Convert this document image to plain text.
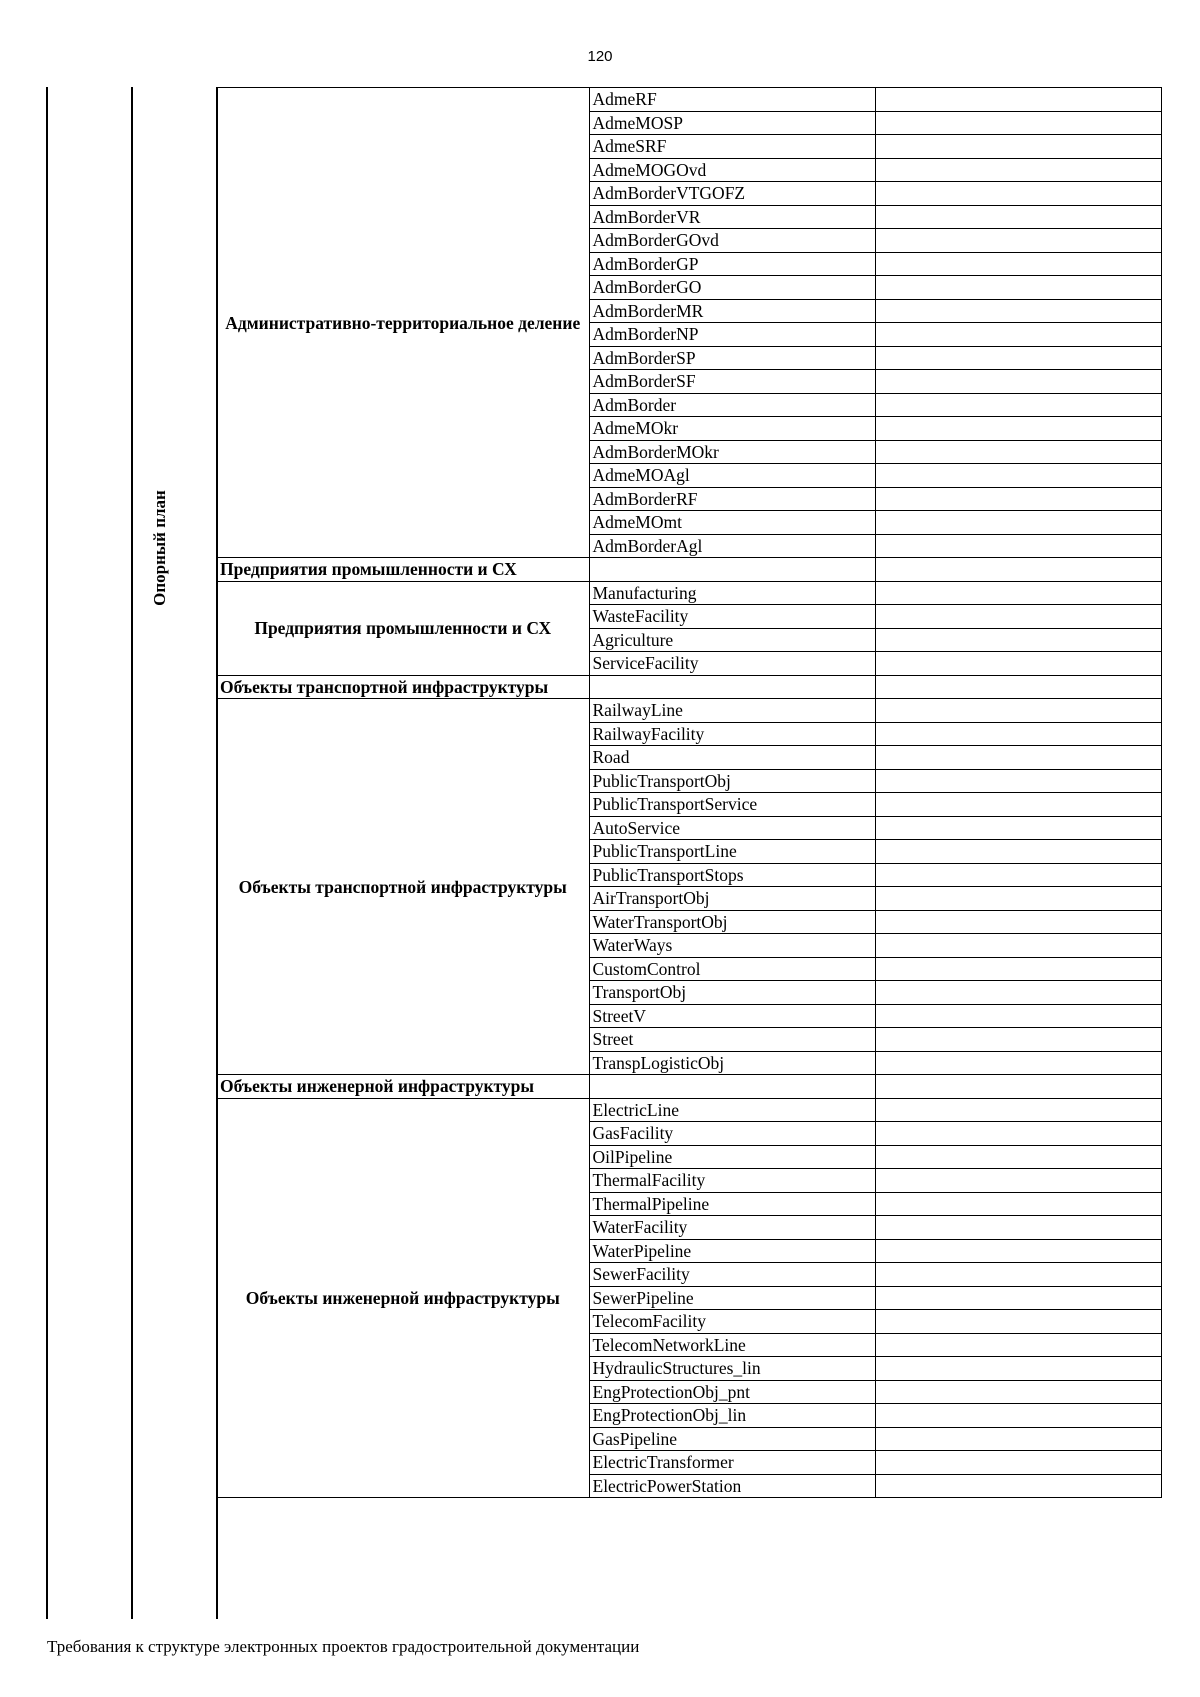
120
Опорный план
Административно-территориальное деление	AdmeRF	
	AdmeMOSP	
	AdmeSRF	
	AdmeMOGOvd	
	AdmBorderVTGOFZ	
	AdmBorderVR	
	AdmBorderGOvd	
	AdmBorderGP	
	AdmBorderGO	
	AdmBorderMR	
	AdmBorderNP	
	AdmBorderSP	
	AdmBorderSF	
	AdmBorder	
	AdmeMOkr	
	AdmBorderMOkr	
	AdmeMOAgl	
	AdmBorderRF	
	AdmeMOmt	
	AdmBorderAgl	
Предприятия промышленности и СХ		
Предприятия промышленности и СХ	Manufacturing	
	WasteFacility	
	Agriculture	
	ServiceFacility	
Объекты транспортной инфраструктуры		
Объекты транспортной инфраструктуры	RailwayLine	
	RailwayFacility	
	Road	
	PublicTransportObj	
	PublicTransportService	
	AutoService	
	PublicTransportLine	
	PublicTransportStops	
	AirTransportObj	
	WaterTransportObj	
	WaterWays	
	CustomControl	
	TransportObj	
	StreetV	
	Street	
	TranspLogisticObj	
Объекты инженерной инфраструктуры		
Объекты инженерной инфраструктуры	ElectricLine	
	GasFacility	
	OilPipeline	
	ThermalFacility	
	ThermalPipeline	
	WaterFacility	
	WaterPipeline	
	SewerFacility	
	SewerPipeline	
	TelecomFacility	
	TelecomNetworkLine	
	HydraulicStructures_lin	
	EngProtectionObj_pnt	
	EngProtectionObj_lin	
	GasPipeline	
	ElectricTransformer	
	ElectricPowerStation	
Требования к структуре электронных проектов градостроительной документации
